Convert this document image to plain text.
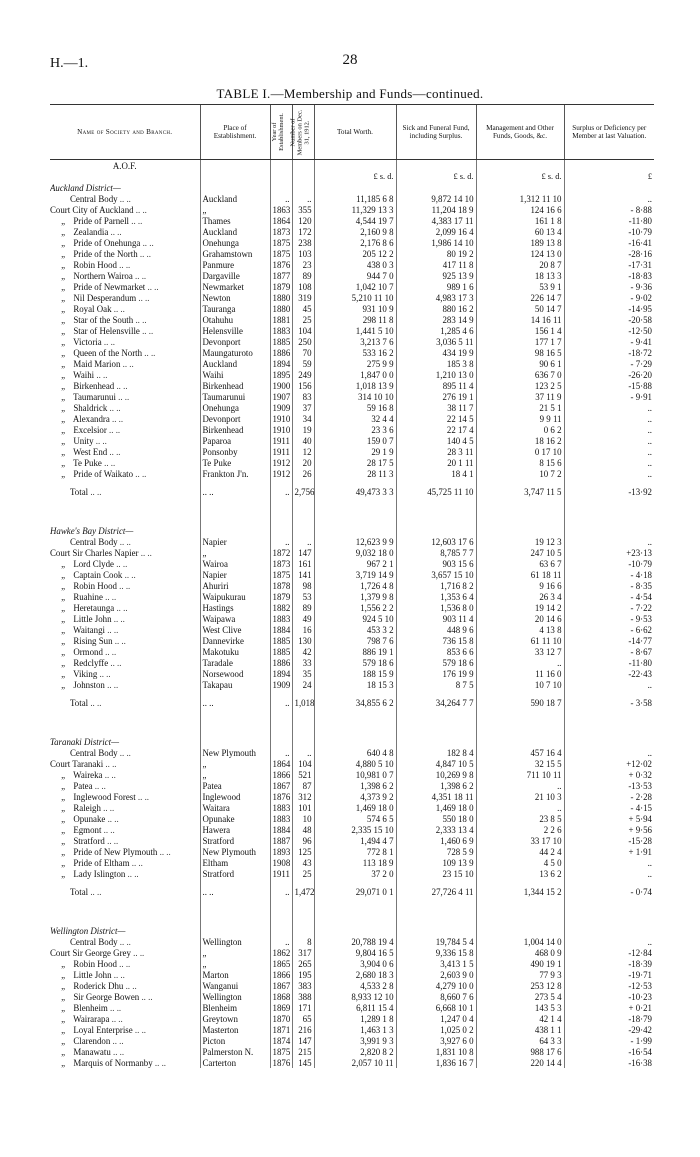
H.—1.	28
TABLE I.—Membership and Funds—continued.
Name of Society and Branch.	Place of Establishment.	Year of Establishment.	Number of Members on Dec. 31, 1912.	Total Worth.	Sick and Funeral Fund, including Surplus.	Management and Other Funds, Goods, &c.	Surplus or Deficiency per Member at last Valuation.
A.O.F.							
				£ s. d.	£ s. d.	£ s. d.	£
Auckland District—							
Central Body .. ..	Auckland	..	..	11,185 6 8	9,872 14 10	1,312 11 10	..
Court City of Auckland .. ..	„	1863	355	11,329 13 3	11,204 18 9	124 16 6	- 8·88
  „ Pride of Parnell .. ..	Thames	1864	120	4,544 19 7	4,383 17 11	161 1 8	-11·80
  „ Zealandia .. ..	Auckland	1873	172	2,160 9 8	2,099 16 4	60 13 4	-10·79
  „ Pride of Onehunga .. ..	Onehunga	1875	238	2,176 8 6	1,986 14 10	189 13 8	-16·41
  „ Pride of the North .. ..	Grahamstown	1875	103	205 12 2	80 19 2	124 13 0	-28·16
  „ Robin Hood .. ..	Panmure	1876	23	438 0 3	417 11 8	20 8 7	-17·31
  „ Northern Wairoa .. ..	Dargaville	1877	89	944 7 0	925 13 9	18 13 3	-18·83
  „ Pride of Newmarket .. ..	Newmarket	1879	108	1,042 10 7	989 1 6	53 9 1	- 9·36
  „ Nil Desperandum .. ..	Newton	1880	319	5,210 11 10	4,983 17 3	226 14 7	- 9·02
  „ Royal Oak .. ..	Tauranga	1880	45	931 10 9	880 16 2	50 14 7	-14·95
  „ Star of the South .. ..	Otahuhu	1881	25	298 11 8	283 14 9	14 16 11	-20·58
  „ Star of Helensville .. ..	Helensville	1883	104	1,441 5 10	1,285 4 6	156 1 4	-12·50
  „ Victoria .. ..	Devonport	1885	250	3,213 7 6	3,036 5 11	177 1 7	- 9·41
  „ Queen of the North .. ..	Maungaturoto	1886	70	533 16 2	434 19 9	98 16 5	-18·72
  „ Maid Marion .. ..	Auckland	1894	59	275 9 9	185 3 8	90 6 1	- 7·29
  „ Waihi .. ..	Waihi	1895	249	1,847 0 0	1,210 13 0	636 7 0	-26·20
  „ Birkenhead .. ..	Birkenhead	1900	156	1,018 13 9	895 11 4	123 2 5	-15·88
  „ Taumarunui .. ..	Taumarunui	1907	83	314 10 10	276 19 1	37 11 9	- 9·91
  „ Shaldrick .. ..	Onehunga	1909	37	59 16 8	38 11 7	21 5 1	..
  „ Alexandra .. ..	Devonport	1910	34	32 4 4	22 14 5	9 9 11	..
  „ Excelsior .. ..	Birkenhead	1910	19	23 3 6	22 17 4	0 6 2	..
  „ Unity .. ..	Paparoa	1911	40	159 0 7	140 4 5	18 16 2	..
  „ West End .. ..	Ponsonby	1911	12	29 1 9	28 3 11	0 17 10	..
  „ Te Puke .. ..	Te Puke	1912	20	28 17 5	20 1 11	8 15 6	..
  „ Pride of Waikato .. ..	Frankton J'n.	1912	26	28 11 3	18 4 1	10 7 2	..
Total .. ..	.. ..	..	2,756	49,473 3 3	45,725 11 10	3,747 11 5	-13·92

Hawke's Bay District—							
Central Body .. ..	Napier	..	..	12,623 9 9	12,603 17 6	19 12 3	..
Court Sir Charles Napier .. ..	„	1872	147	9,032 18 0	8,785 7 7	247 10 5	+23·13
  „ Lord Clyde .. ..	Wairoa	1873	161	967 2 1	903 15 6	63 6 7	-10·79
  „ Captain Cook .. ..	Napier	1875	141	3,719 14 9	3,657 15 10	61 18 11	- 4·18
  „ Robin Hood .. ..	Ahuriri	1878	98	1,726 4 8	1,716 8 2	9 16 6	- 8·35
  „ Ruahine .. ..	Waipukurau	1879	53	1,379 9 8	1,353 6 4	26 3 4	- 4·54
  „ Heretaunga .. ..	Hastings	1882	89	1,556 2 2	1,536 8 0	19 14 2	- 7·22
  „ Little John .. ..	Waipawa	1883	49	924 5 10	903 11 4	20 14 6	- 9·53
  „ Waitangi .. ..	West Clive	1884	16	453 3 2	448 9 6	4 13 8	- 6·62
  „ Rising Sun .. ..	Dannevirke	1885	130	798 7 6	736 15 8	61 11 10	-14·77
  „ Ormond .. ..	Makotuku	1885	42	886 19 1	853 6 6	33 12 7	- 8·67
  „ Redclyffe .. ..	Taradale	1886	33	579 18 6	579 18 6	..	-11·80
  „ Viking .. ..	Norsewood	1894	35	188 15 9	176 19 9	11 16 0	-22·43
  „ Johnston .. ..	Takapau	1909	24	18 15 3	8 7 5	10 7 10	..
Total .. ..	.. ..	..	1,018	34,855 6 2	34,264 7 7	590 18 7	- 3·58

Taranaki District—							
Central Body .. ..	New Plymouth	..	..	640 4 8	182 8 4	457 16 4	..
Court Taranaki .. ..	„	1864	104	4,880 5 10	4,847 10 5	32 15 5	+12·02
  „ Waireka .. ..	„	1866	521	10,981 0 7	10,269 9 8	711 10 11	+ 0·32
  „ Patea .. ..	Patea	1867	87	1,398 6 2	1,398 6 2	..	-13·53
  „ Inglewood Forest .. ..	Inglewood	1876	312	4,373 9 2	4,351 18 11	21 10 3	- 2·28
  „ Raleigh .. ..	Waitara	1883	101	1,469 18 0	1,469 18 0	..	- 4·15
  „ Opunake .. ..	Opunake	1883	10	574 6 5	550 18 0	23 8 5	+ 5·94
  „ Egmont .. ..	Hawera	1884	48	2,335 15 10	2,333 13 4	2 2 6	+ 9·56
  „ Stratford .. ..	Stratford	1887	96	1,494 4 7	1,460 6 9	33 17 10	-15·28
  „ Pride of New Plymouth .. ..	New Plymouth	1893	125	772 8 1	728 5 9	44 2 4	+ 1·91
  „ Pride of Eltham .. ..	Eltham	1908	43	113 18 9	109 13 9	4 5 0	..
  „ Lady Islington .. ..	Stratford	1911	25	37 2 0	23 15 10	13 6 2	..
Total .. ..	.. ..	..	1,472	29,071 0 1	27,726 4 11	1,344 15 2	- 0·74

Wellington District—							
Central Body .. ..	Wellington	..	8	20,788 19 4	19,784 5 4	1,004 14 0	..
Court Sir George Grey .. ..	„	1862	317	9,804 16 5	9,336 15 8	468 0 9	-12·84
  „ Robin Hood .. ..	„	1865	265	3,904 0 6	3,413 1 5	490 19 1	-18·39
  „ Little John .. ..	Marton	1866	195	2,680 18 3	2,603 9 0	77 9 3	-19·71
  „ Roderick Dhu .. ..	Wanganui	1867	383	4,533 2 8	4,279 10 0	253 12 8	-12·53
  „ Sir George Bowen .. ..	Wellington	1868	388	8,933 12 10	8,660 7 6	273 5 4	-10·23
  „ Blenheim .. ..	Blenheim	1869	171	6,811 15 4	6,668 10 1	143 5 3	+ 0·21
  „ Wairarapa .. ..	Greytown	1870	65	1,289 1 8	1,247 0 4	42 1 4	-18·79
  „ Loyal Enterprise .. ..	Masterton	1871	216	1,463 1 3	1,025 0 2	438 1 1	-29·42
  „ Clarendon .. ..	Picton	1874	147	3,991 9 3	3,927 6 0	64 3 3	- 1·99
  „ Manawatu .. ..	Palmerston N.	1875	215	2,820 8 2	1,831 10 8	988 17 6	-16·54
  „ Marquis of Normanby .. ..	Carterton	1876	145	2,057 10 11	1,836 16 7	220 14 4	-16·38
